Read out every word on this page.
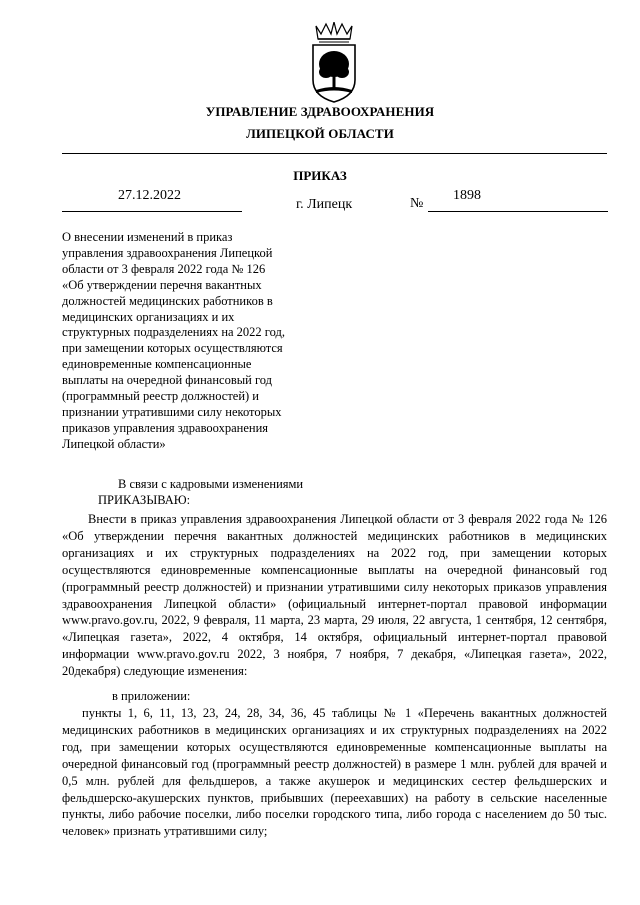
УПРАВЛЕНИЕ ЗДРАВООХРАНЕНИЯ
ЛИПЕЦКОЙ ОБЛАСТИ
ПРИКАЗ
27.12.2022
г. Липецк	№
1898
О внесении изменений в приказ
управления здравоохранения Липецкой
области от 3 февраля 2022 года № 126
«Об утверждении перечня вакантных
должностей медицинских работников в
медицинских организациях и их
структурных подразделениях на 2022 год,
при замещении которых осуществляются
единовременные компенсационные
выплаты на очередной финансовый год
(программный реестр должностей) и
признании утратившими силу некоторых
приказов управления здравоохранения
Липецкой области»
В связи с кадровыми изменениями
ПРИКАЗЫВАЮ:
Внести в приказ управления здравоохранения Липецкой области от 3 февраля 2022 года № 126 «Об утверждении перечня вакантных должностей медицинских работников в медицинских организациях и их структурных подразделениях на 2022 год, при замещении которых осуществляются единовременные компенсационные выплаты на очередной финансовый год (программный реестр должностей) и признании утратившими силу некоторых приказов управления здравоохранения Липецкой области» (официальный интернет-портал правовой информации www.pravo.gov.ru, 2022, 9 февраля, 11 марта, 23 марта, 29 июля, 22 августа, 1 сентября, 12 сентября, «Липецкая газета», 2022, 4 октября, 14 октября, официальный интернет-портал правовой информации www.pravo.gov.ru 2022, 3 ноября, 7 ноября, 7 декабря, «Липецкая газета», 2022, 20декабря) следующие изменения:
в приложении:
пункты 1, 6, 11, 13, 23, 24, 28, 34, 36, 45 таблицы № 1 «Перечень вакантных должностей медицинских работников в медицинских организациях и их структурных подразделениях на 2022 год, при замещении которых осуществляются единовременные компенсационные выплаты на очередной финансовый год (программный реестр должностей) в размере 1 млн. рублей для врачей и 0,5 млн. рублей для фельдшеров, а также акушерок и медицинских сестер фельдшерских и фельдшерско-акушерских пунктов, прибывших (переехавших) на работу в сельские населенные пункты, либо рабочие поселки, либо поселки городского типа, либо города с населением до 50 тыс. человек» признать утратившими силу;
